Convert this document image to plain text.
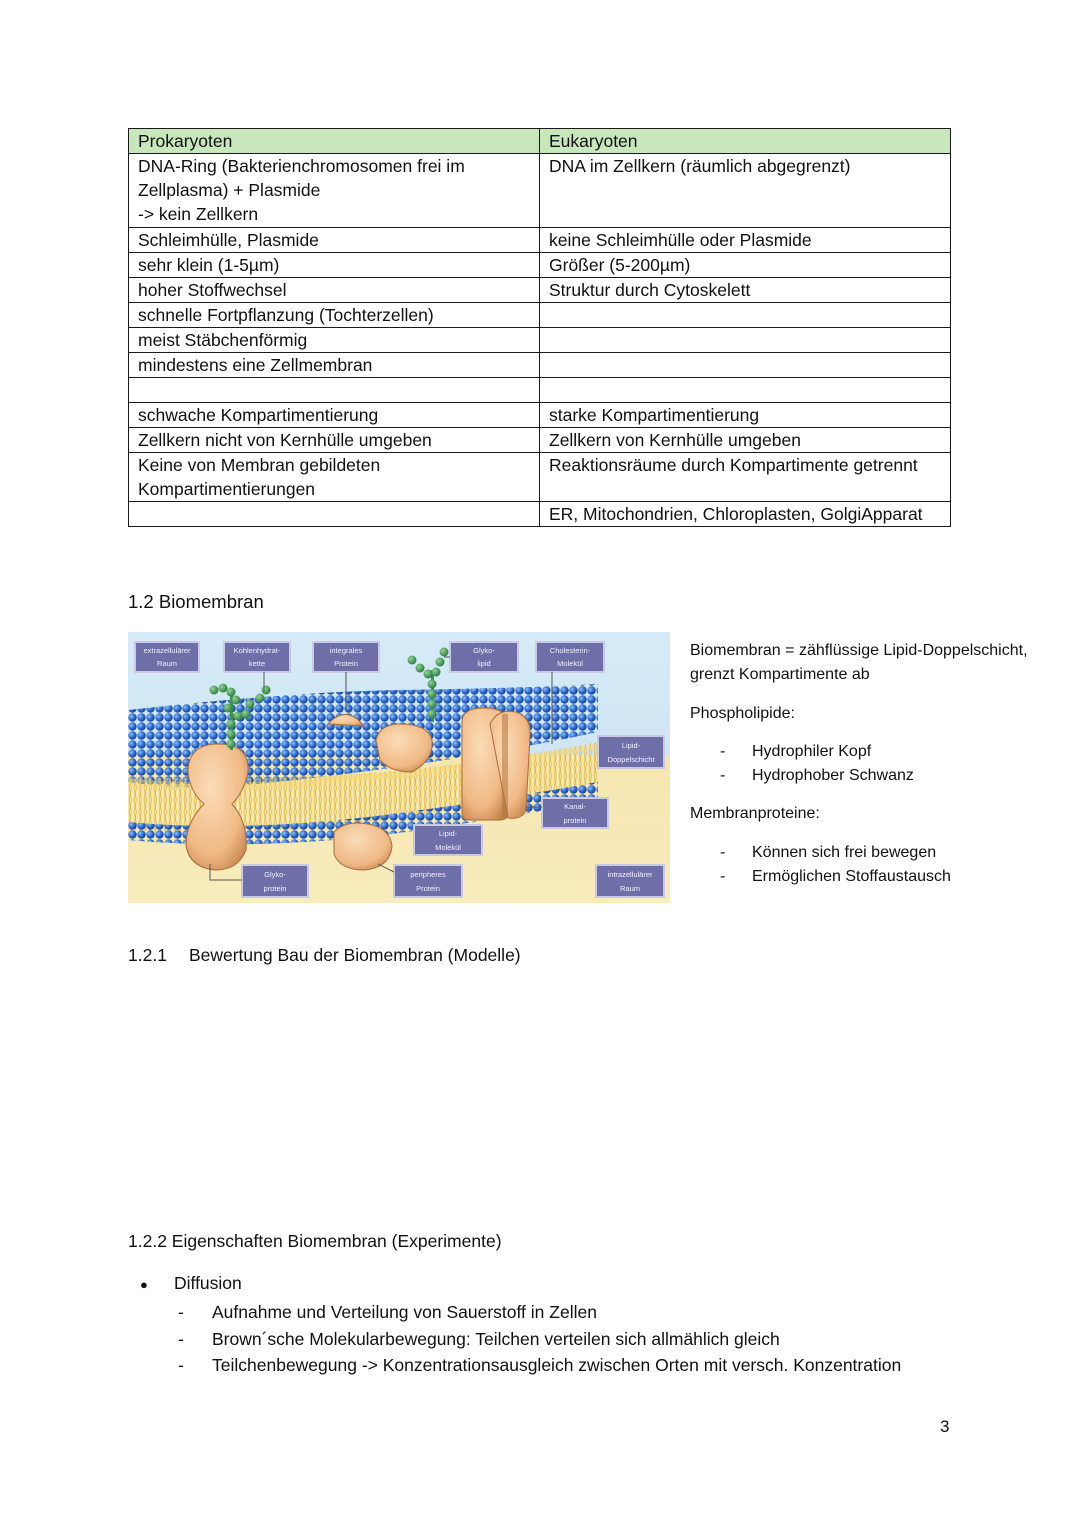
Prokaryoten	Eukaryoten
DNA-Ring (Bakterienchromosomen frei im Zellplasma) + Plasmide
-> kein Zellkern	DNA im Zellkern (räumlich abgegrenzt)
Schleimhülle, Plasmide	keine Schleimhülle oder Plasmide
sehr klein (1-5µm)	Größer (5-200µm)
hoher Stoffwechsel	Struktur durch Cytoskelett
schnelle Fortpflanzung (Tochterzellen)	
meist Stäbchenförmig	
mindestens eine Zellmembran	

schwache Kompartimentierung	starke Kompartimentierung
Zellkern nicht von Kernhülle umgeben	Zellkern von Kernhülle umgeben
Keine von Membran gebildeten Kompartimentierungen	Reaktionsräume durch Kompartimente getrennt
	ER, Mitochondrien, Chloroplasten, GolgiApparat
1.2 Biomembran
extrazellulärer
Raum
Kohlenhydrat-
kette
integrales
Protein
Glyko-
lipid
Cholesterin-
Molekül
Lipid-
Doppelschicht
Kanal-
protein
Lipid-
Molekül
Glyko-
protein
peripheres
Protein
intrazellulärer
Raum
Biomembran = zähflüssige Lipid-Doppelschicht,
grenzt Kompartimente ab
Phospholipide:
- Hydrophiler Kopf
- Hydrophober Schwanz
Membranproteine:
- Können sich frei bewegen
- Ermöglichen Stoffaustausch
1.2.1 Bewertung Bau der Biomembran (Modelle)
1.2.2 Eigenschaften Biomembran (Experimente)
● Diffusion
- Aufnahme und Verteilung von Sauerstoff in Zellen
- Brown´sche Molekularbewegung: Teilchen verteilen sich allmählich gleich
- Teilchenbewegung -> Konzentrationsausgleich zwischen Orten mit versch. Konzentration
3
